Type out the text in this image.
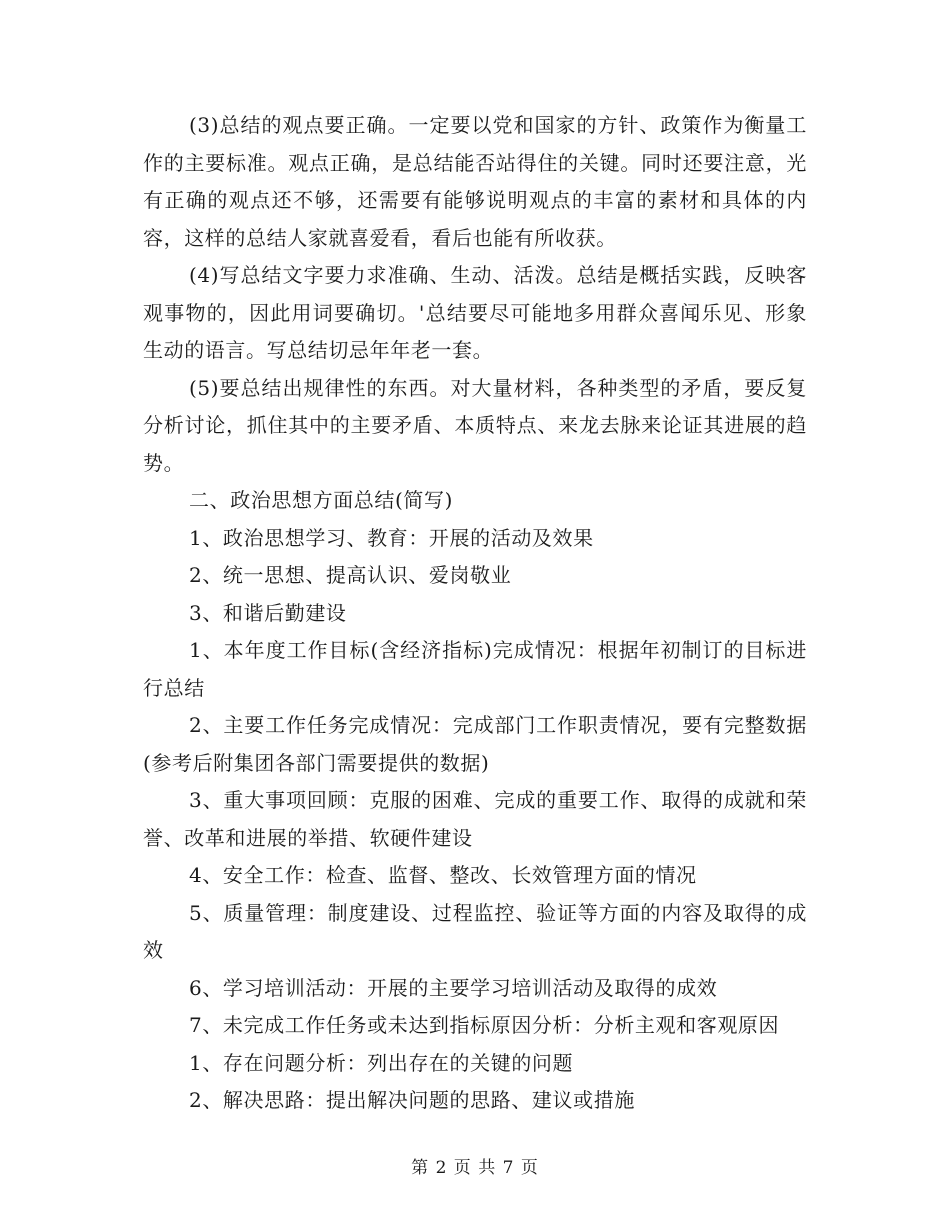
(3)总结的观点要正确。一定要以党和国家的方针、政策作为衡量工作的主要标准。观点正确，是总结能否站得住的关键。同时还要注意，光有正确的观点还不够，还需要有能够说明观点的丰富的素材和具体的内容，这样的总结人家就喜爱看，看后也能有所收获。

(4)写总结文字要力求准确、生动、活泼。总结是概括实践，反映客观事物的，因此用词要确切。'总结要尽可能地多用群众喜闻乐见、形象生动的语言。写总结切忌年年老一套。

(5)要总结出规律性的东西。对大量材料，各种类型的矛盾，要反复分析讨论，抓住其中的主要矛盾、本质特点、来龙去脉来论证其进展的趋势。

二、政治思想方面总结(简写)

1、政治思想学习、教育：开展的活动及效果

2、统一思想、提高认识、爱岗敬业

3、和谐后勤建设

1、本年度工作目标(含经济指标)完成情况：根据年初制订的目标进行总结

2、主要工作任务完成情况：完成部门工作职责情况，要有完整数据(参考后附集团各部门需要提供的数据)

3、重大事项回顾：克服的困难、完成的重要工作、取得的成就和荣誉、改革和进展的举措、软硬件建设

4、安全工作：检查、监督、整改、长效管理方面的情况

5、质量管理：制度建设、过程监控、验证等方面的内容及取得的成效

6、学习培训活动：开展的主要学习培训活动及取得的成效

7、未完成工作任务或未达到指标原因分析：分析主观和客观原因

1、存在问题分析：列出存在的关键的问题

2、解决思路：提出解决问题的思路、建议或措施

第 2 页 共 7 页
